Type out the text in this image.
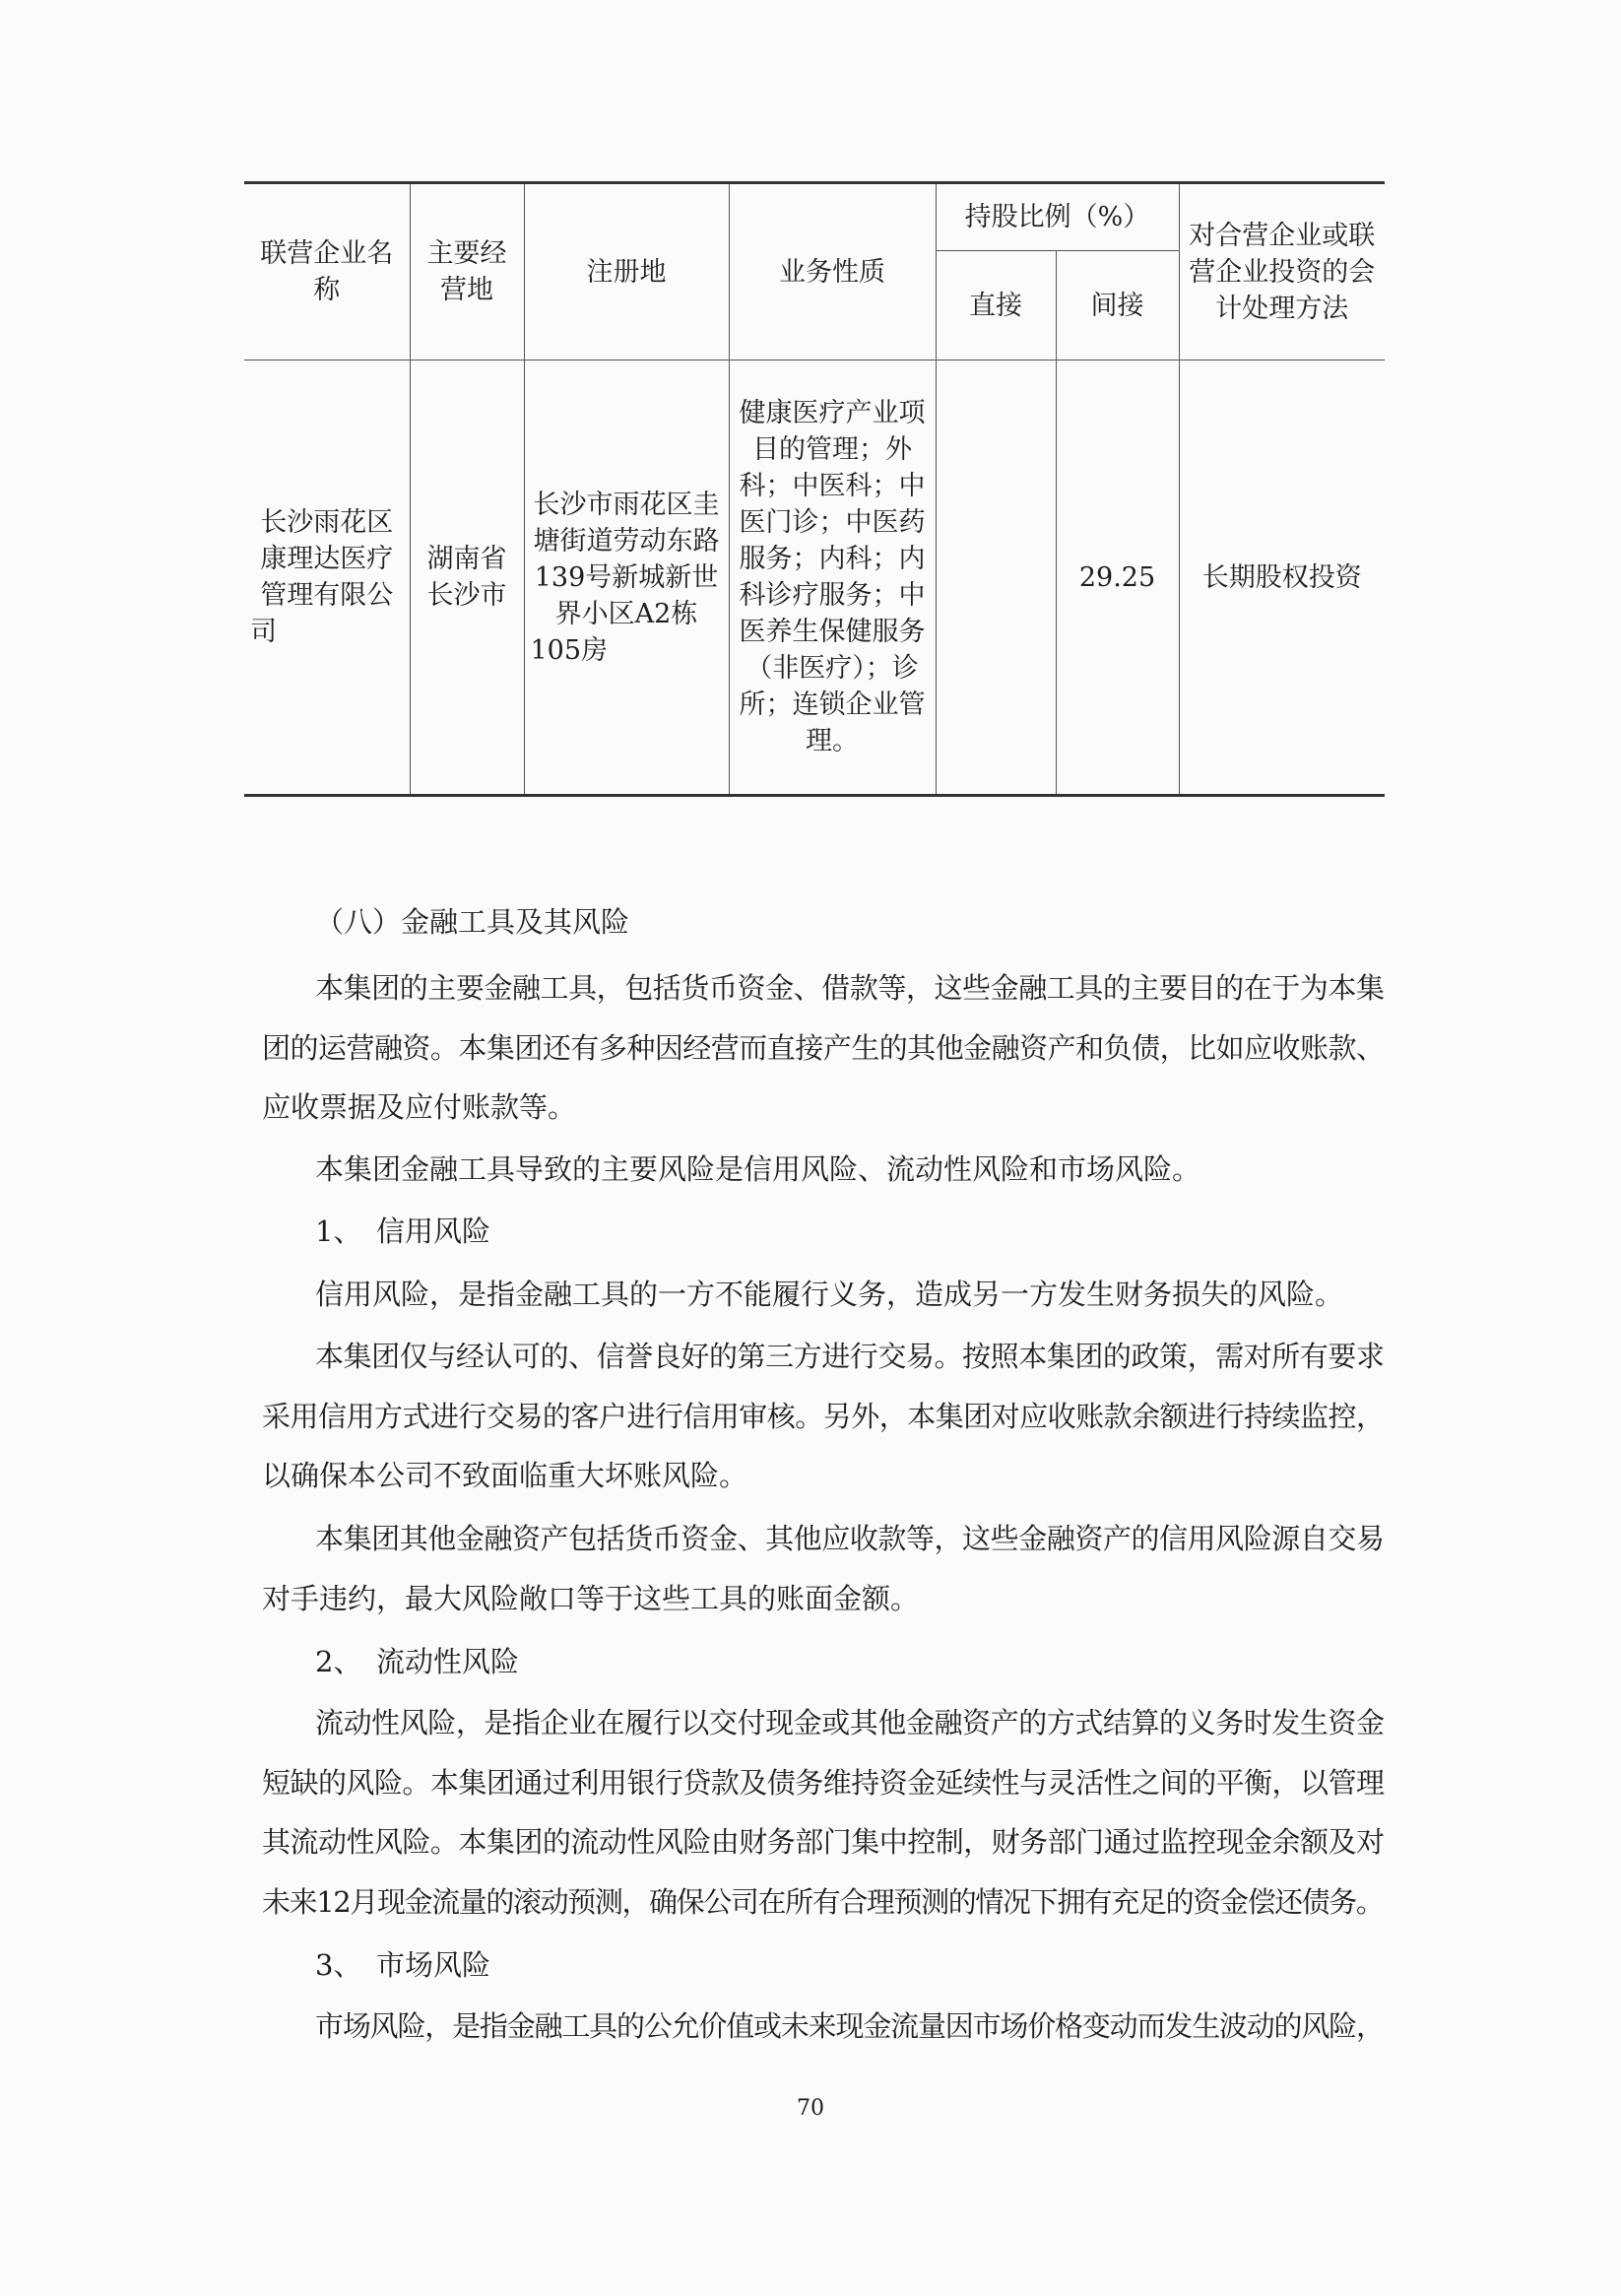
联营企业名称	主要经营地	注册地	业务性质	持股比例（%）		对合营企业或联营企业投资的会计处理方法
				直接	间接	
长沙雨花区康理达医疗管理有限公司	湖南省长沙市	长沙市雨花区圭塘街道劳动东路139号新城新世界小区A2栋105房	健康医疗产业项目的管理；外科；中医科；中医门诊；中医药服务；内科；内科诊疗服务；中医养生保健服务（非医疗）；诊所；连锁企业管理。		29.25	长期股权投资
（八）金融工具及其风险
本集团的主要金融工具，包括货币资金、借款等，这些金融工具的主要目的在于为本集
团的运营融资。本集团还有多种因经营而直接产生的其他金融资产和负债，比如应收账款、
应收票据及应付账款等。
本集团金融工具导致的主要风险是信用风险、流动性风险和市场风险。
1、　信用风险
信用风险，是指金融工具的一方不能履行义务，造成另一方发生财务损失的风险。
本集团仅与经认可的、信誉良好的第三方进行交易。按照本集团的政策，需对所有要求
采用信用方式进行交易的客户进行信用审核。另外，本集团对应收账款余额进行持续监控，
以确保本公司不致面临重大坏账风险。
本集团其他金融资产包括货币资金、其他应收款等，这些金融资产的信用风险源自交易
对手违约，最大风险敞口等于这些工具的账面金额。
2、　流动性风险
流动性风险，是指企业在履行以交付现金或其他金融资产的方式结算的义务时发生资金
短缺的风险。本集团通过利用银行贷款及债务维持资金延续性与灵活性之间的平衡，以管理
其流动性风险。本集团的流动性风险由财务部门集中控制，财务部门通过监控现金余额及对
未来12月现金流量的滚动预测，确保公司在所有合理预测的情况下拥有充足的资金偿还债务。
3、　市场风险
市场风险，是指金融工具的公允价值或未来现金流量因市场价格变动而发生波动的风险，
70
